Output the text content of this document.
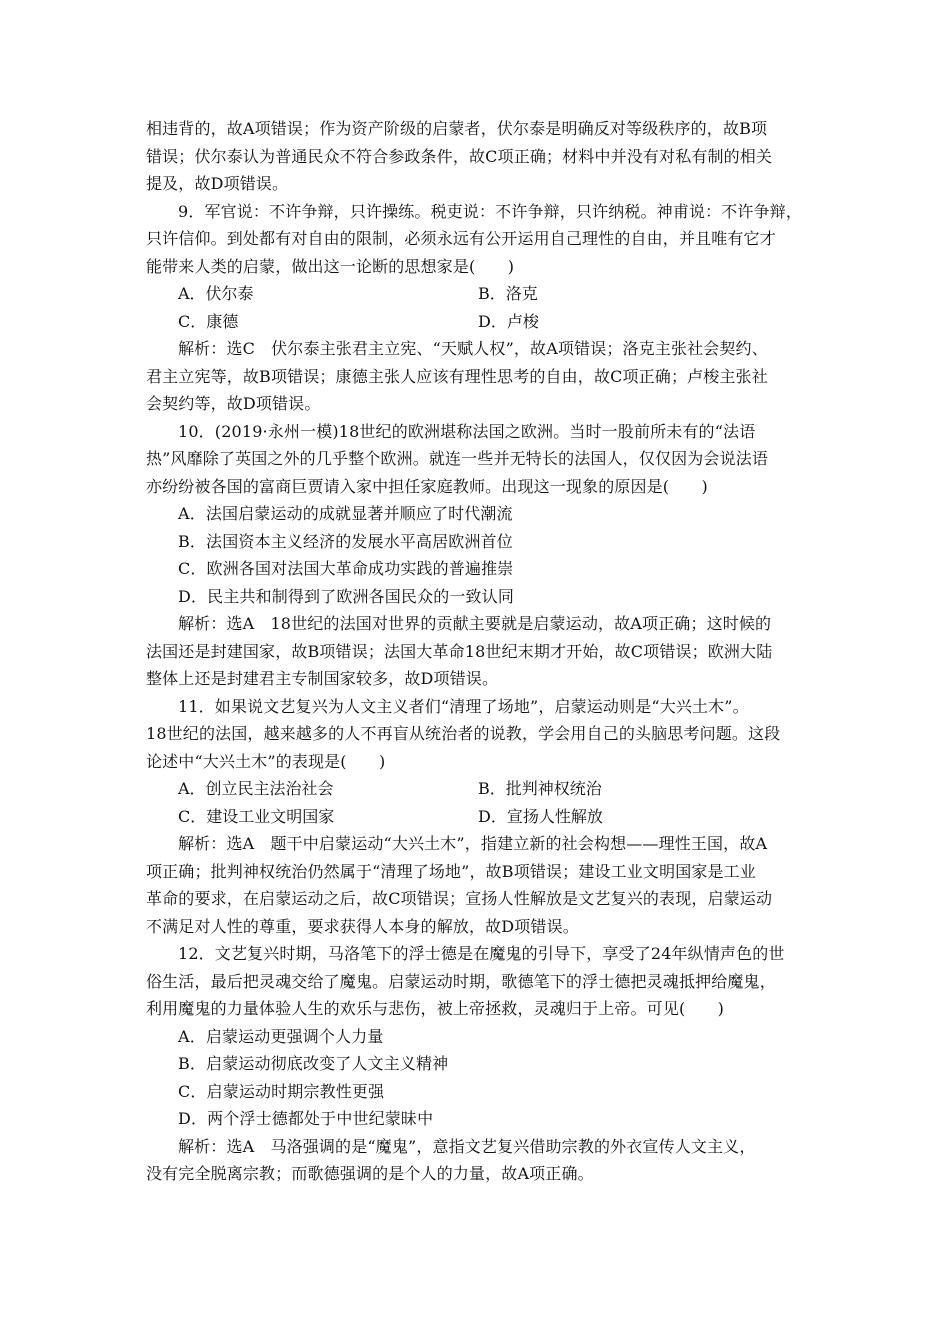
相违背的，故A项错误；作为资产阶级的启蒙者，伏尔泰是明确反对等级秩序的，故B项
错误；伏尔泰认为普通民众不符合参政条件，故C项正确；材料中并没有对私有制的相关
提及，故D项错误。
9．军官说：不许争辩，只许操练。税吏说：不许争辩，只许纳税。神甫说：不许争辩，
只许信仰。到处都有对自由的限制，必须永远有公开运用自己理性的自由，并且唯有它才
能带来人类的启蒙，做出这一论断的思想家是(　　)
A．伏尔泰	B．洛克
C．康德	D．卢梭
解析：选C　伏尔泰主张君主立宪、“天赋人权”，故A项错误；洛克主张社会契约、
君主立宪等，故B项错误；康德主张人应该有理性思考的自由，故C项正确；卢梭主张社
会契约等，故D项错误。
10．(2019·永州一模)18世纪的欧洲堪称法国之欧洲。当时一股前所未有的“法语
热”风靡除了英国之外的几乎整个欧洲。就连一些并无特长的法国人，仅仅因为会说法语
亦纷纷被各国的富商巨贾请入家中担任家庭教师。出现这一现象的原因是(　　)
A．法国启蒙运动的成就显著并顺应了时代潮流
B．法国资本主义经济的发展水平高居欧洲首位
C．欧洲各国对法国大革命成功实践的普遍推崇
D．民主共和制得到了欧洲各国民众的一致认同
解析：选A　18世纪的法国对世界的贡献主要就是启蒙运动，故A项正确；这时候的
法国还是封建国家，故B项错误；法国大革命18世纪末期才开始，故C项错误；欧洲大陆
整体上还是封建君主专制国家较多，故D项错误。
11．如果说文艺复兴为人文主义者们“清理了场地”，启蒙运动则是“大兴土木”。
18世纪的法国，越来越多的人不再盲从统治者的说教，学会用自己的头脑思考问题。这段
论述中“大兴土木”的表现是(　　)
A．创立民主法治社会	B．批判神权统治
C．建设工业文明国家	D．宣扬人性解放
解析：选A　题干中启蒙运动“大兴土木”，指建立新的社会构想——理性王国，故A
项正确；批判神权统治仍然属于“清理了场地”，故B项错误；建设工业文明国家是工业
革命的要求，在启蒙运动之后，故C项错误；宣扬人性解放是文艺复兴的表现，启蒙运动
不满足对人性的尊重，要求获得人本身的解放，故D项错误。
12．文艺复兴时期，马洛笔下的浮士德是在魔鬼的引导下，享受了24年纵情声色的世
俗生活，最后把灵魂交给了魔鬼。启蒙运动时期，歌德笔下的浮士德把灵魂抵押给魔鬼，
利用魔鬼的力量体验人生的欢乐与悲伤，被上帝拯救，灵魂归于上帝。可见(　　)
A．启蒙运动更强调个人力量
B．启蒙运动彻底改变了人文主义精神
C．启蒙运动时期宗教性更强
D．两个浮士德都处于中世纪蒙昧中
解析：选A　马洛强调的是“魔鬼”，意指文艺复兴借助宗教的外衣宣传人文主义，
没有完全脱离宗教；而歌德强调的是个人的力量，故A项正确。
